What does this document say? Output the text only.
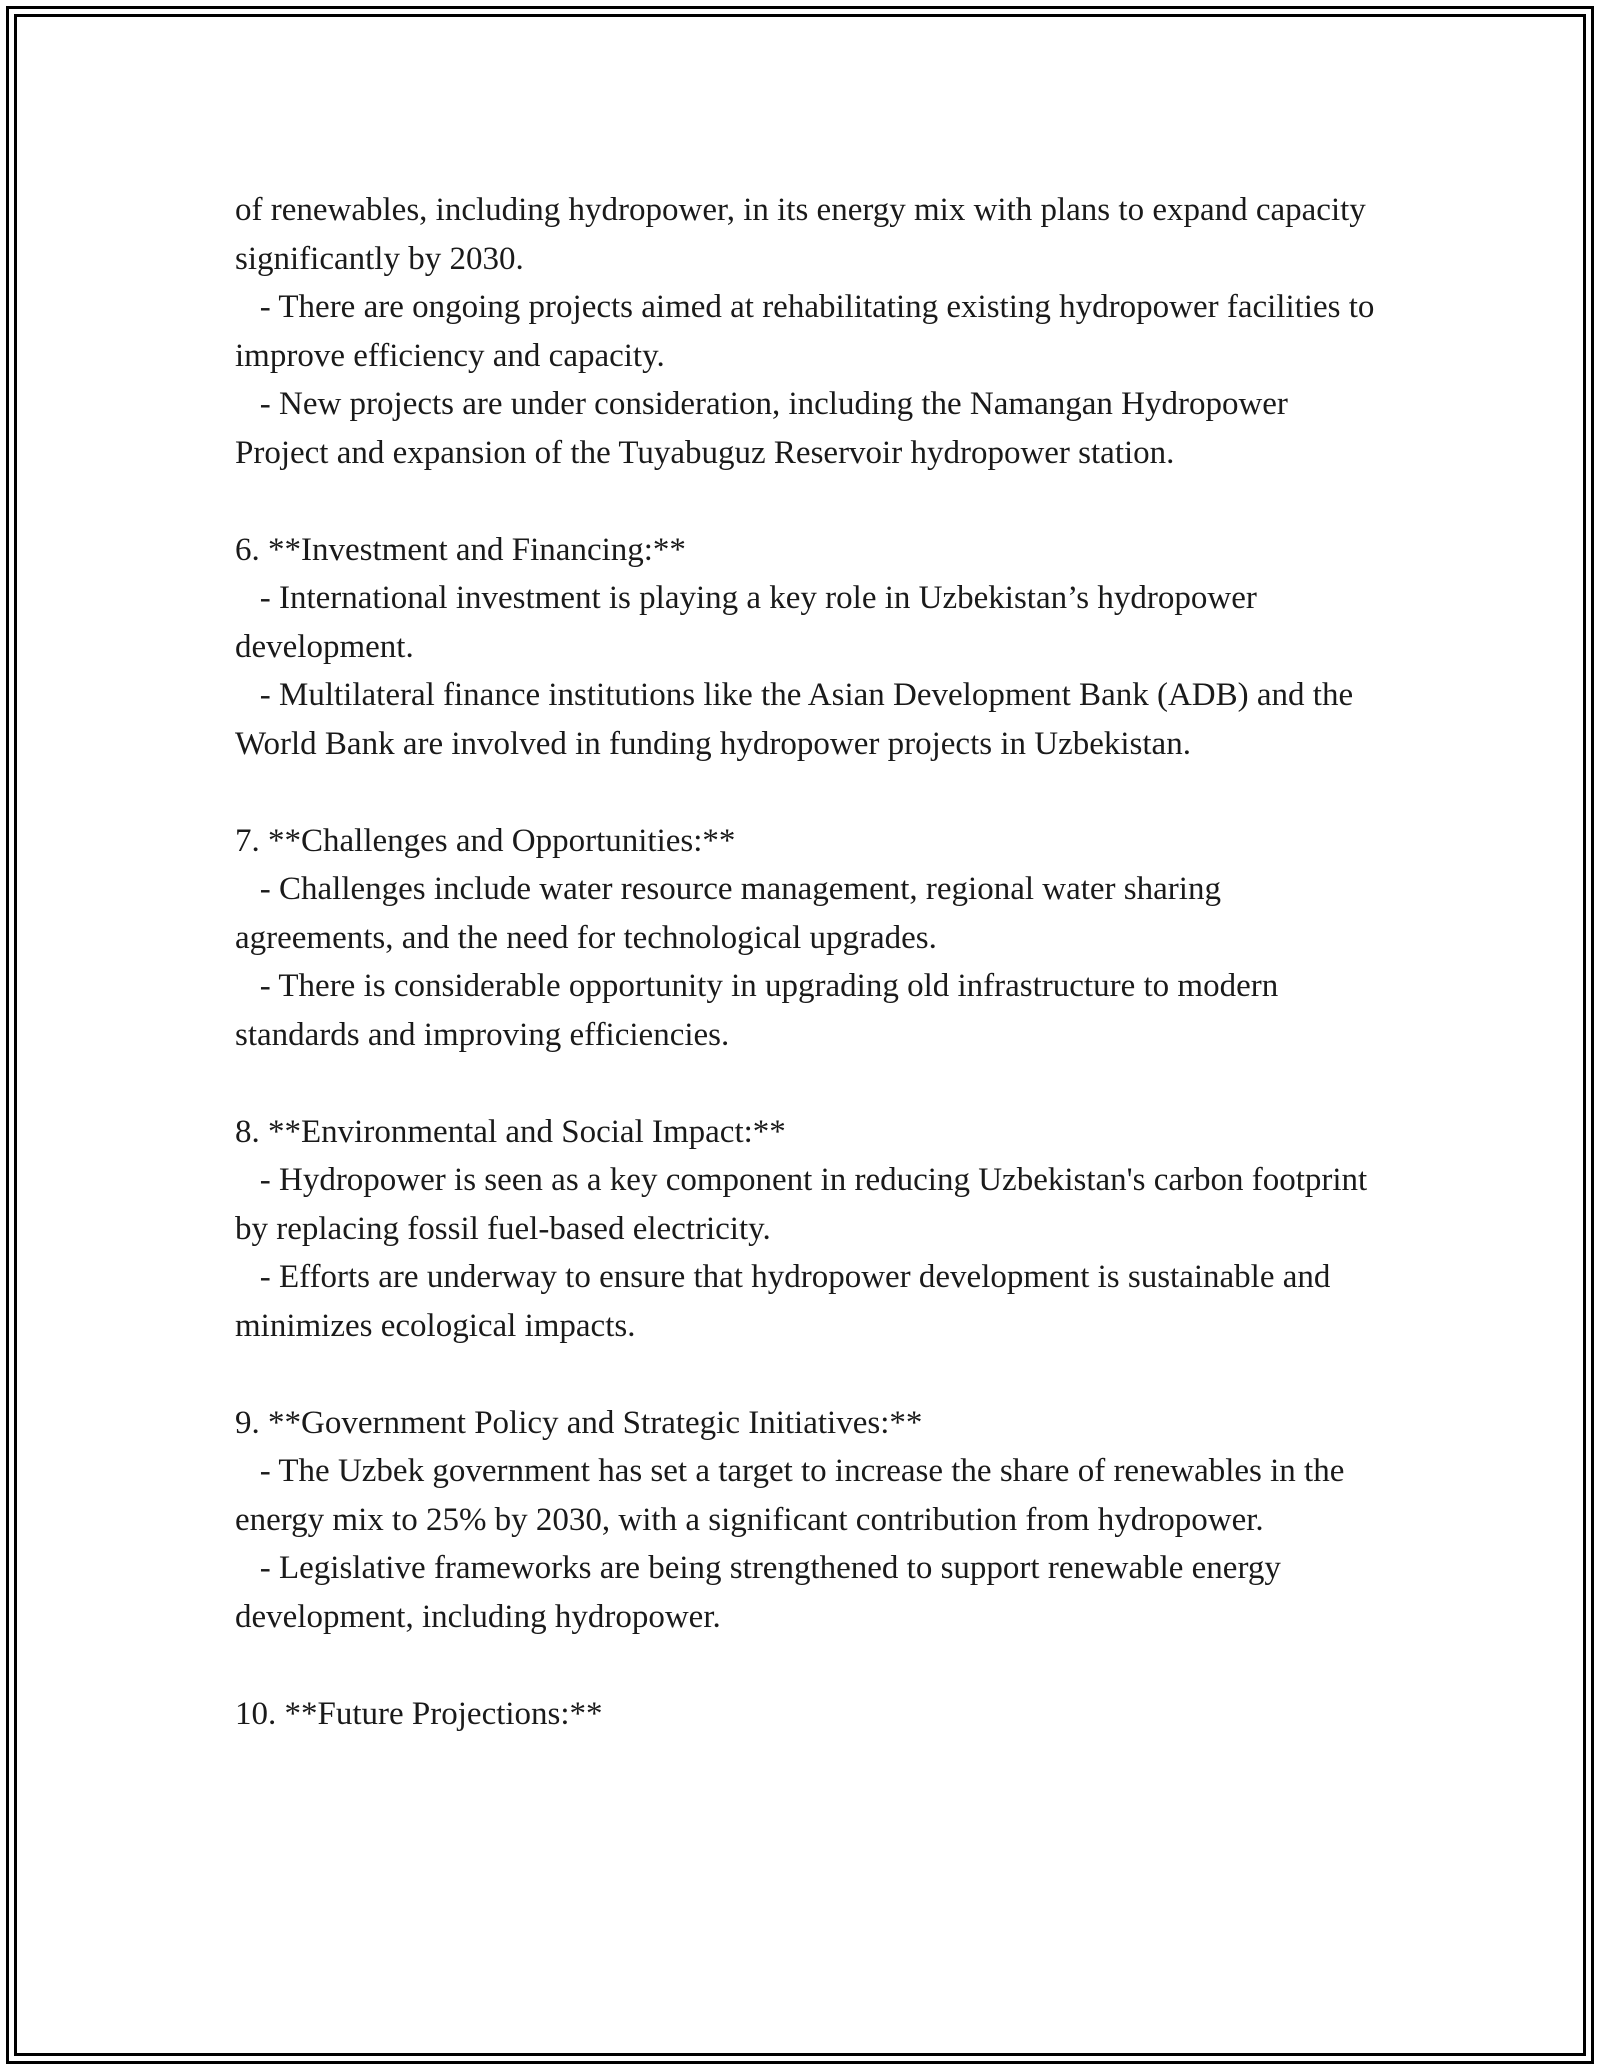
of renewables, including hydropower, in its energy mix with plans to expand capacity significantly by 2030.

- There are ongoing projects aimed at rehabilitating existing hydropower facilities to improve efficiency and capacity.

- New projects are under consideration, including the Namangan Hydropower Project and expansion of the Tuyabuguz Reservoir hydropower station.

6. **Investment and Financing:**

- International investment is playing a key role in Uzbekistan’s hydropower development.

- Multilateral finance institutions like the Asian Development Bank (ADB) and the World Bank are involved in funding hydropower projects in Uzbekistan.

7. **Challenges and Opportunities:**

- Challenges include water resource management, regional water sharing agreements, and the need for technological upgrades.

- There is considerable opportunity in upgrading old infrastructure to modern standards and improving efficiencies.

8. **Environmental and Social Impact:**

- Hydropower is seen as a key component in reducing Uzbekistan's carbon footprint by replacing fossil fuel-based electricity.

- Efforts are underway to ensure that hydropower development is sustainable and minimizes ecological impacts.

9. **Government Policy and Strategic Initiatives:**

- The Uzbek government has set a target to increase the share of renewables in the energy mix to 25% by 2030, with a significant contribution from hydropower.

- Legislative frameworks are being strengthened to support renewable energy development, including hydropower.

10. **Future Projections:**
